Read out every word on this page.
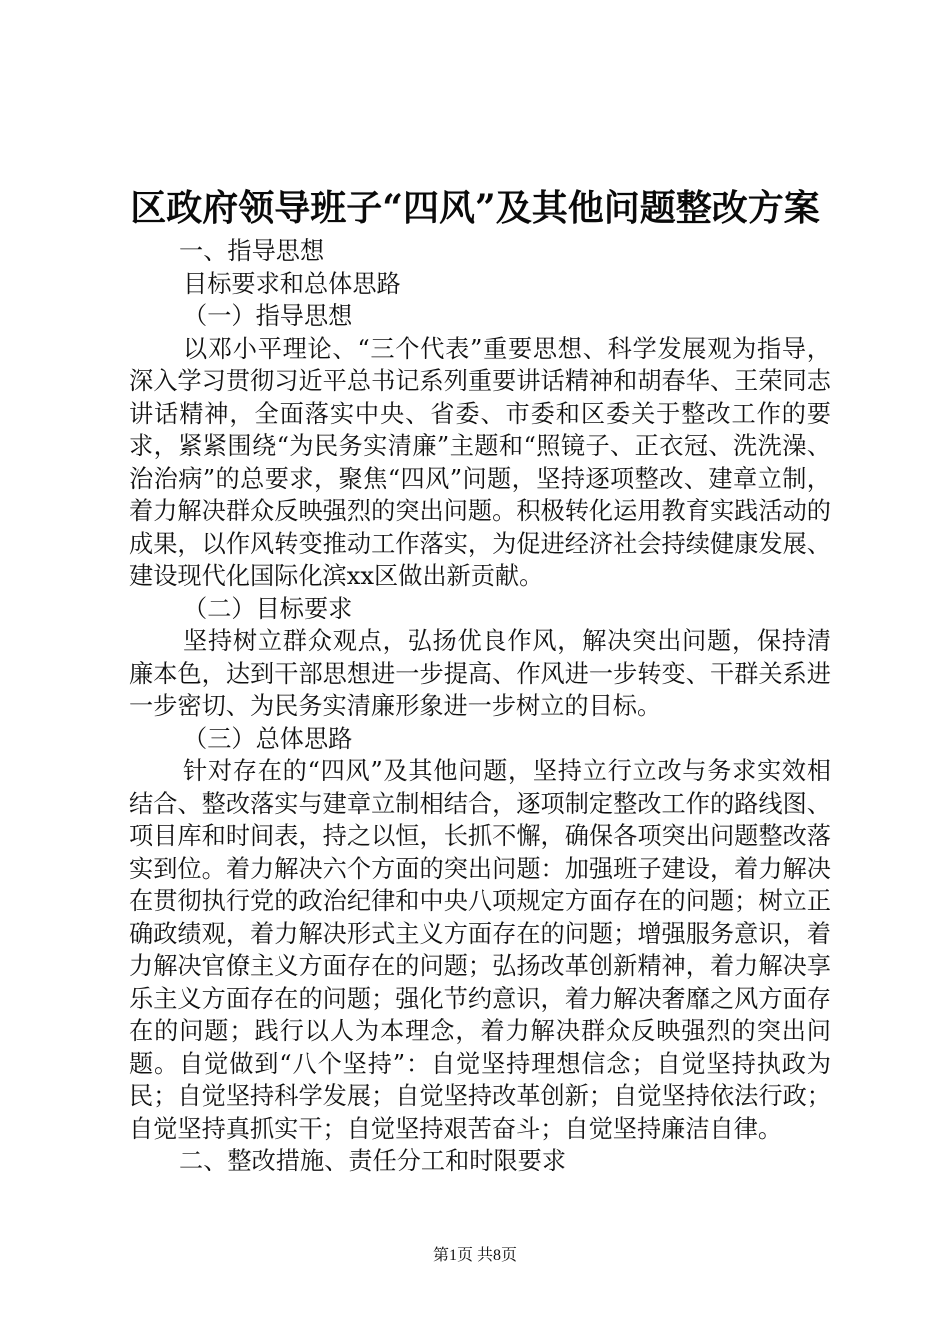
区政府领导班子“四风”及其他问题整改方案

一、指导思想

目标要求和总体思路

（一）指导思想

以邓小平理论、“三个代表”重要思想、科学发展观为指导，深入学习贯彻习近平总书记系列重要讲话精神和胡春华、王荣同志讲话精神，全面落实中央、省委、市委和区委关于整改工作的要求，紧紧围绕“为民务实清廉”主题和“照镜子、正衣冠、洗洗澡、治治病”的总要求，聚焦“四风”问题，坚持逐项整改、建章立制，着力解决群众反映强烈的突出问题。积极转化运用教育实践活动的成果，以作风转变推动工作落实，为促进经济社会持续健康发展、建设现代化国际化滨xx区做出新贡献。

（二）目标要求

坚持树立群众观点，弘扬优良作风，解决突出问题，保持清廉本色，达到干部思想进一步提高、作风进一步转变、干群关系进一步密切、为民务实清廉形象进一步树立的目标。

（三）总体思路

针对存在的“四风”及其他问题，坚持立行立改与务求实效相结合、整改落实与建章立制相结合，逐项制定整改工作的路线图、项目库和时间表，持之以恒，长抓不懈，确保各项突出问题整改落实到位。着力解决六个方面的突出问题：加强班子建设，着力解决在贯彻执行党的政治纪律和中央八项规定方面存在的问题；树立正确政绩观，着力解决形式主义方面存在的问题；增强服务意识，着力解决官僚主义方面存在的问题；弘扬改革创新精神，着力解决享乐主义方面存在的问题；强化节约意识，着力解决奢靡之风方面存在的问题；践行以人为本理念，着力解决群众反映强烈的突出问题。自觉做到“八个坚持”：自觉坚持理想信念；自觉坚持执政为民；自觉坚持科学发展；自觉坚持改革创新；自觉坚持依法行政；自觉坚持真抓实干；自觉坚持艰苦奋斗；自觉坚持廉洁自律。

二、整改措施、责任分工和时限要求

第1页 共8页
